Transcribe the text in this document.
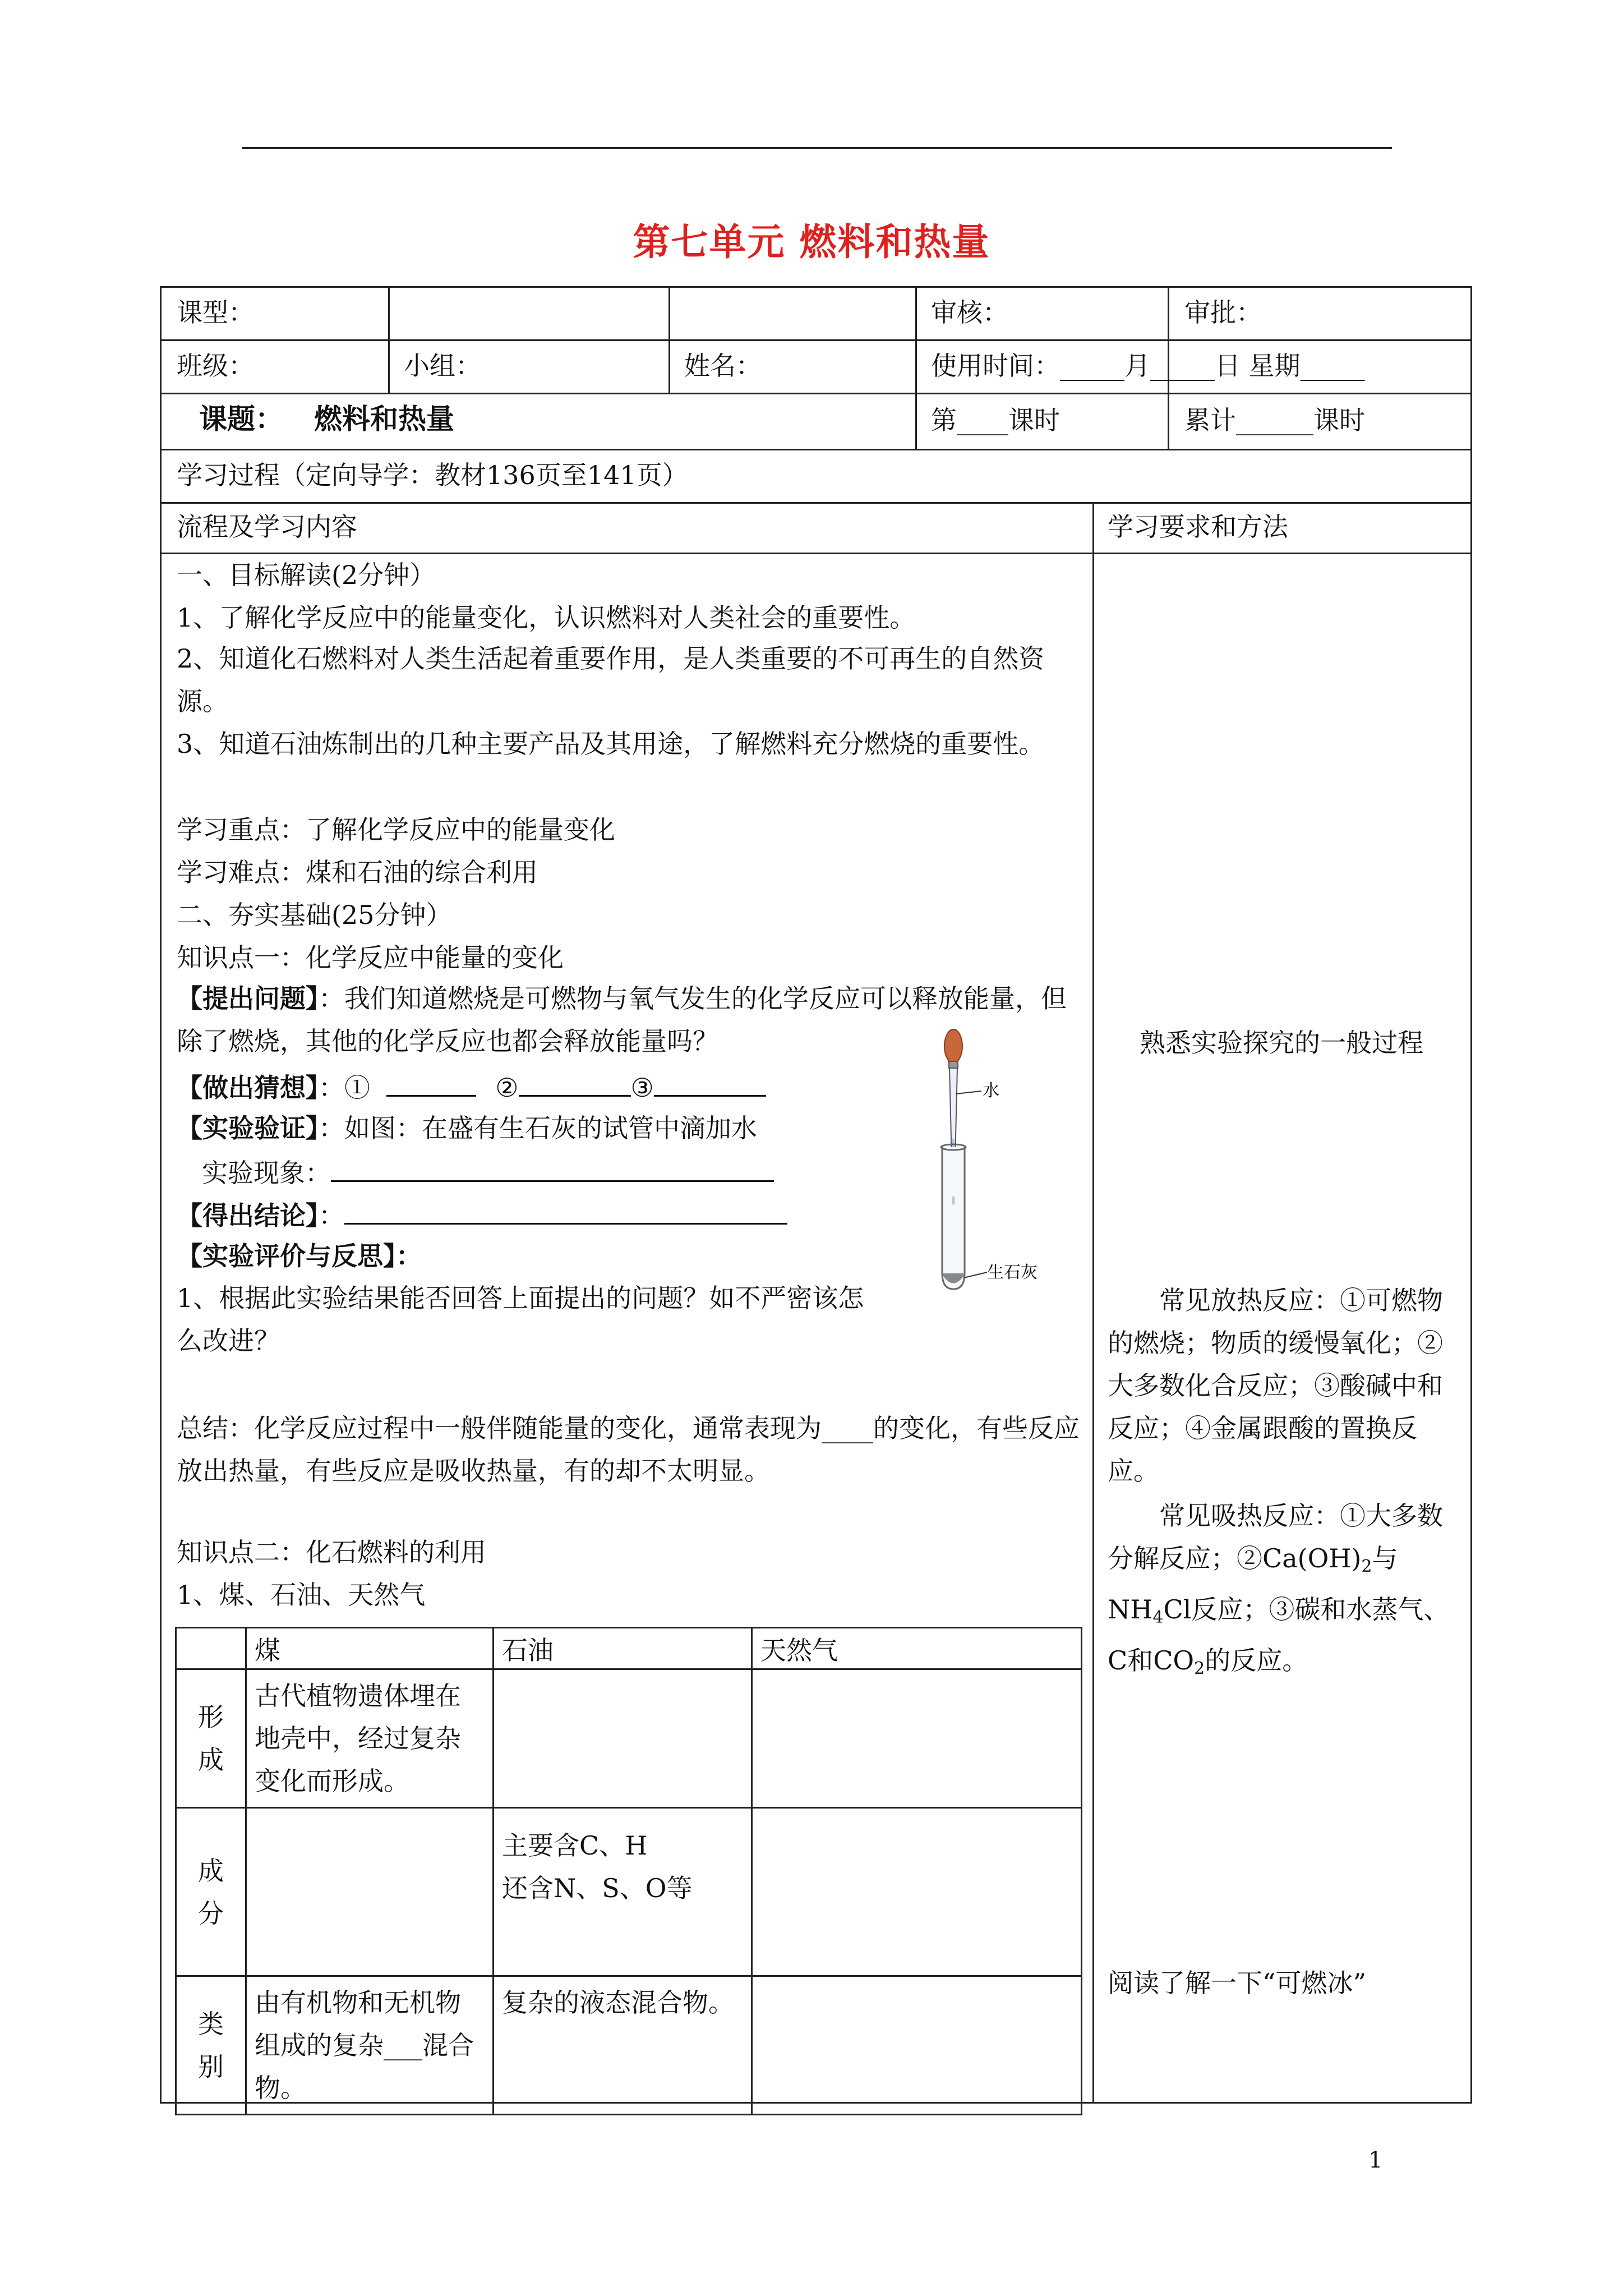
第七单元 燃料和热量
课型：	审核：	审批：
班级：	小组：	姓名：	使用时间：_____月_____日 星期_____
课题： 燃料和热量	第____课时	累计______课时
学习过程（定向导学：教材136页至141页）
流程及学习内容	学习要求和方法
一、目标解读(2分钟）
1、了解化学反应中的能量变化，认识燃料对人类社会的重要性。
2、知道化石燃料对人类生活起着重要作用，是人类重要的不可再生的自然资源。
3、知道石油炼制出的几种主要产品及其用途，了解燃料充分燃烧的重要性。
学习重点：了解化学反应中的能量变化
学习难点：煤和石油的综合利用
二、夯实基础(25分钟）
知识点一：化学反应中能量的变化
【提出问题】：我们知道燃烧是可燃物与氧气发生的化学反应可以释放能量，但除了燃烧，其他的化学反应也都会释放能量吗？
【做出猜想】：①	②	③
【实验验证】：如图：在盛有生石灰的试管中滴加水
实验现象：
【得出结论】：
【实验评价与反思】：
1、根据此实验结果能否回答上面提出的问题？如不严密该怎么改进？
总结：化学反应过程中一般伴随能量的变化，通常表现为____的变化，有些反应放出热量，有些反应是吸收热量，有的却不太明显。
知识点二：化石燃料的利用
1、煤、石油、天然气
水
生石灰
	煤	石油	天然气
形成	古代植物遗体埋在地壳中，经过复杂变化而形成。		
成分		主要含C、H
还含N、S、O等	
类别	由有机物和无机物组成的复杂___混合物。	复杂的液态混合物。	
熟悉实验探究的一般过程
常见放热反应：①可燃物的燃烧；物质的缓慢氧化；②大多数化合反应；③酸碱中和反应；④金属跟酸的置换反应。
常见吸热反应：①大多数分解反应；$②Ca(OH)_2$与$NH_4Cl$反应；③碳和水蒸气、C和$CO_2$的反应。
阅读了解一下“可燃冰”
1
